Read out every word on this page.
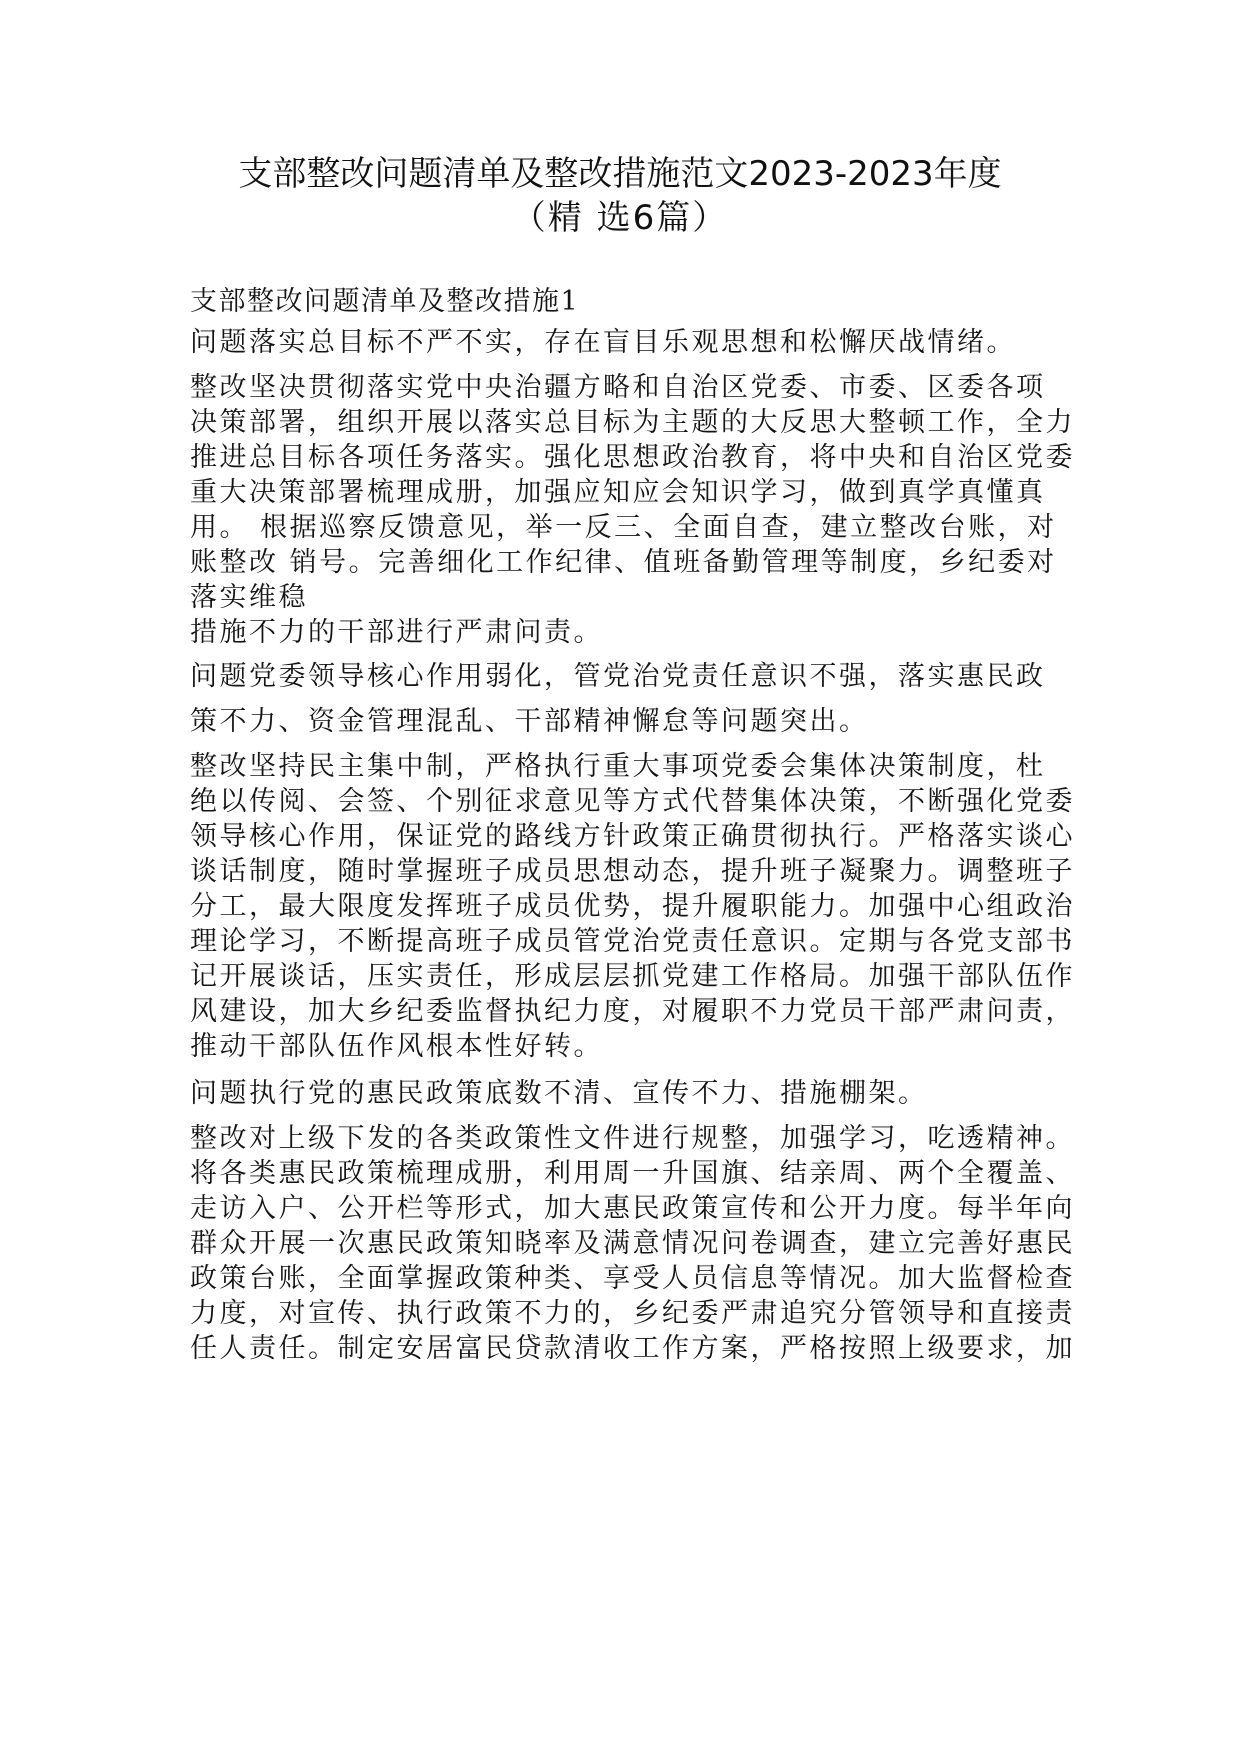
支部整改问题清单及整改措施范文2023-2023年度
（精 选6篇）
支部整改问题清单及整改措施1
问题落实总目标不严不实，存在盲目乐观思想和松懈厌战情绪。
整改坚决贯彻落实党中央治疆方略和自治区党委、市委、区委各项
决策部署，组织开展以落实总目标为主题的大反思大整顿工作，全力
推进总目标各项任务落实。强化思想政治教育，将中央和自治区党委
重大决策部署梳理成册，加强应知应会知识学习，做到真学真懂真
用。 根据巡察反馈意见，举一反三、全面自查，建立整改台账，对
账整改 销号。完善细化工作纪律、值班备勤管理等制度，乡纪委对
落实维稳
措施不力的干部进行严肃问责。
问题党委领导核心作用弱化，管党治党责任意识不强，落实惠民政
策不力、资金管理混乱、干部精神懈怠等问题突出。
整改坚持民主集中制，严格执行重大事项党委会集体决策制度，杜
绝以传阅、会签、个别征求意见等方式代替集体决策，不断强化党委
领导核心作用，保证党的路线方针政策正确贯彻执行。严格落实谈心
谈话制度，随时掌握班子成员思想动态，提升班子凝聚力。调整班子
分工，最大限度发挥班子成员优势，提升履职能力。加强中心组政治
理论学习，不断提高班子成员管党治党责任意识。定期与各党支部书
记开展谈话，压实责任，形成层层抓党建工作格局。加强干部队伍作
风建设，加大乡纪委监督执纪力度，对履职不力党员干部严肃问责，
推动干部队伍作风根本性好转。
问题执行党的惠民政策底数不清、宣传不力、措施棚架。
整改对上级下发的各类政策性文件进行规整，加强学习，吃透精神。
将各类惠民政策梳理成册，利用周一升国旗、结亲周、两个全覆盖、
走访入户、公开栏等形式，加大惠民政策宣传和公开力度。每半年向
群众开展一次惠民政策知晓率及满意情况问卷调查，建立完善好惠民
政策台账，全面掌握政策种类、享受人员信息等情况。加大监督检查
力度，对宣传、执行政策不力的，乡纪委严肃追究分管领导和直接责
任人责任。制定安居富民贷款清收工作方案，严格按照上级要求，加
